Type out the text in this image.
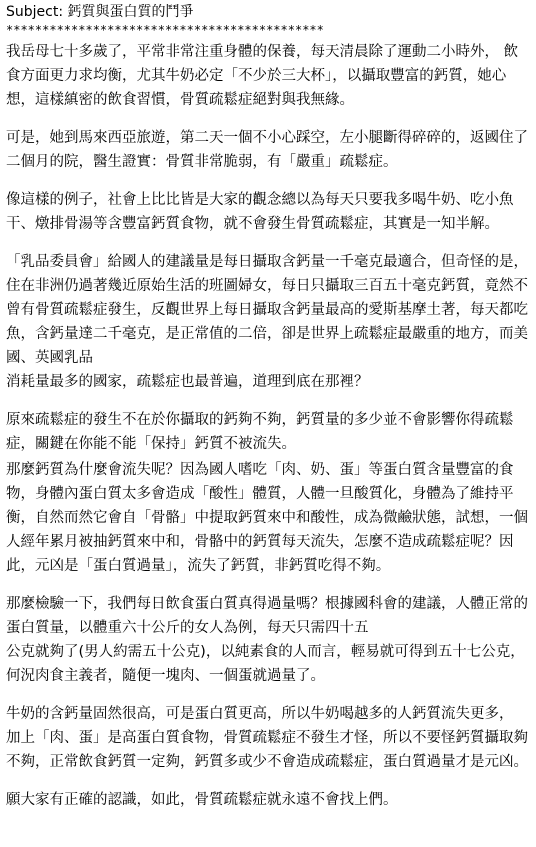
Subject: 鈣質與蛋白質的鬥爭
********************************************

我岳母七十多歲了，平常非常注重身體的保養，每天清晨除了運動二小時外， 飲食方面更力求均衡，尤其牛奶必定「不少於三大杯」，以攝取豐富的鈣質，她心想，這樣縝密的飲食習慣，骨質疏鬆症絕對與我無緣。

可是，她到馬來西亞旅遊，第二天一個不小心踩空，左小腿斷得碎碎的，返國住了二個月的院，醫生證實：骨質非常脆弱，有「嚴重」疏鬆症。

像這樣的例子，社會上比比皆是大家的觀念總以為每天只要我多喝牛奶、吃小魚干、燉排骨湯等含豐富鈣質食物，就不會發生骨質疏鬆症，其實是一知半解。

「乳品委員會」給國人的建議量是每日攝取含鈣量一千毫克最適合，但奇怪的是，住在非洲仍過著幾近原始生活的班圖婦女，每日只攝取三百五十毫克鈣質，竟然不曾有骨質疏鬆症發生，反觀世界上每日攝取含鈣量最高的愛斯基摩土著，每天都吃魚，含鈣量達二千毫克，是正常值的二倍，卻是世界上疏鬆症最嚴重的地方，而美國、英國乳品
消耗量最多的國家，疏鬆症也最普遍，道理到底在那裡？

原來疏鬆症的發生不在於你攝取的鈣夠不夠，鈣質量的多少並不會影響你得疏鬆症，關鍵在你能不能「保持」鈣質不被流失。

那麼鈣質為什麼會流失呢？因為國人嗜吃「肉、奶、蛋」等蛋白質含量豐富的食物，身體內蛋白質太多會造成「酸性」體質，人體一旦酸質化，身體為了維持平衡，自然而然它會自「骨骼」中提取鈣質來中和酸性，成為微鹼狀態，試想，一個人經年累月被抽鈣質來中和，骨骼中的鈣質每天流失，怎麼不造成疏鬆症呢？因此，元凶是「蛋白質過量」，流失了鈣質，非鈣質吃得不夠。

那麼檢驗一下，我們每日飲食蛋白質真得過量嗎？根據國科會的建議，人體正常的蛋白質量，以體重六十公斤的女人為例，每天只需四十五
公克就夠了(男人約需五十公克)，以純素食的人而言，輕易就可得到五十七公克，何況肉食主義者，隨便一塊肉、一個蛋就過量了。

牛奶的含鈣量固然很高，可是蛋白質更高，所以牛奶喝越多的人鈣質流失更多， 加上「肉、蛋」是高蛋白質食物，骨質疏鬆症不發生才怪，所以不要怪鈣質攝取夠不夠，正常飲食鈣質一定夠，鈣質多或少不會造成疏鬆症，蛋白質過量才是元凶。

願大家有正確的認識，如此，骨質疏鬆症就永遠不會找上們。
